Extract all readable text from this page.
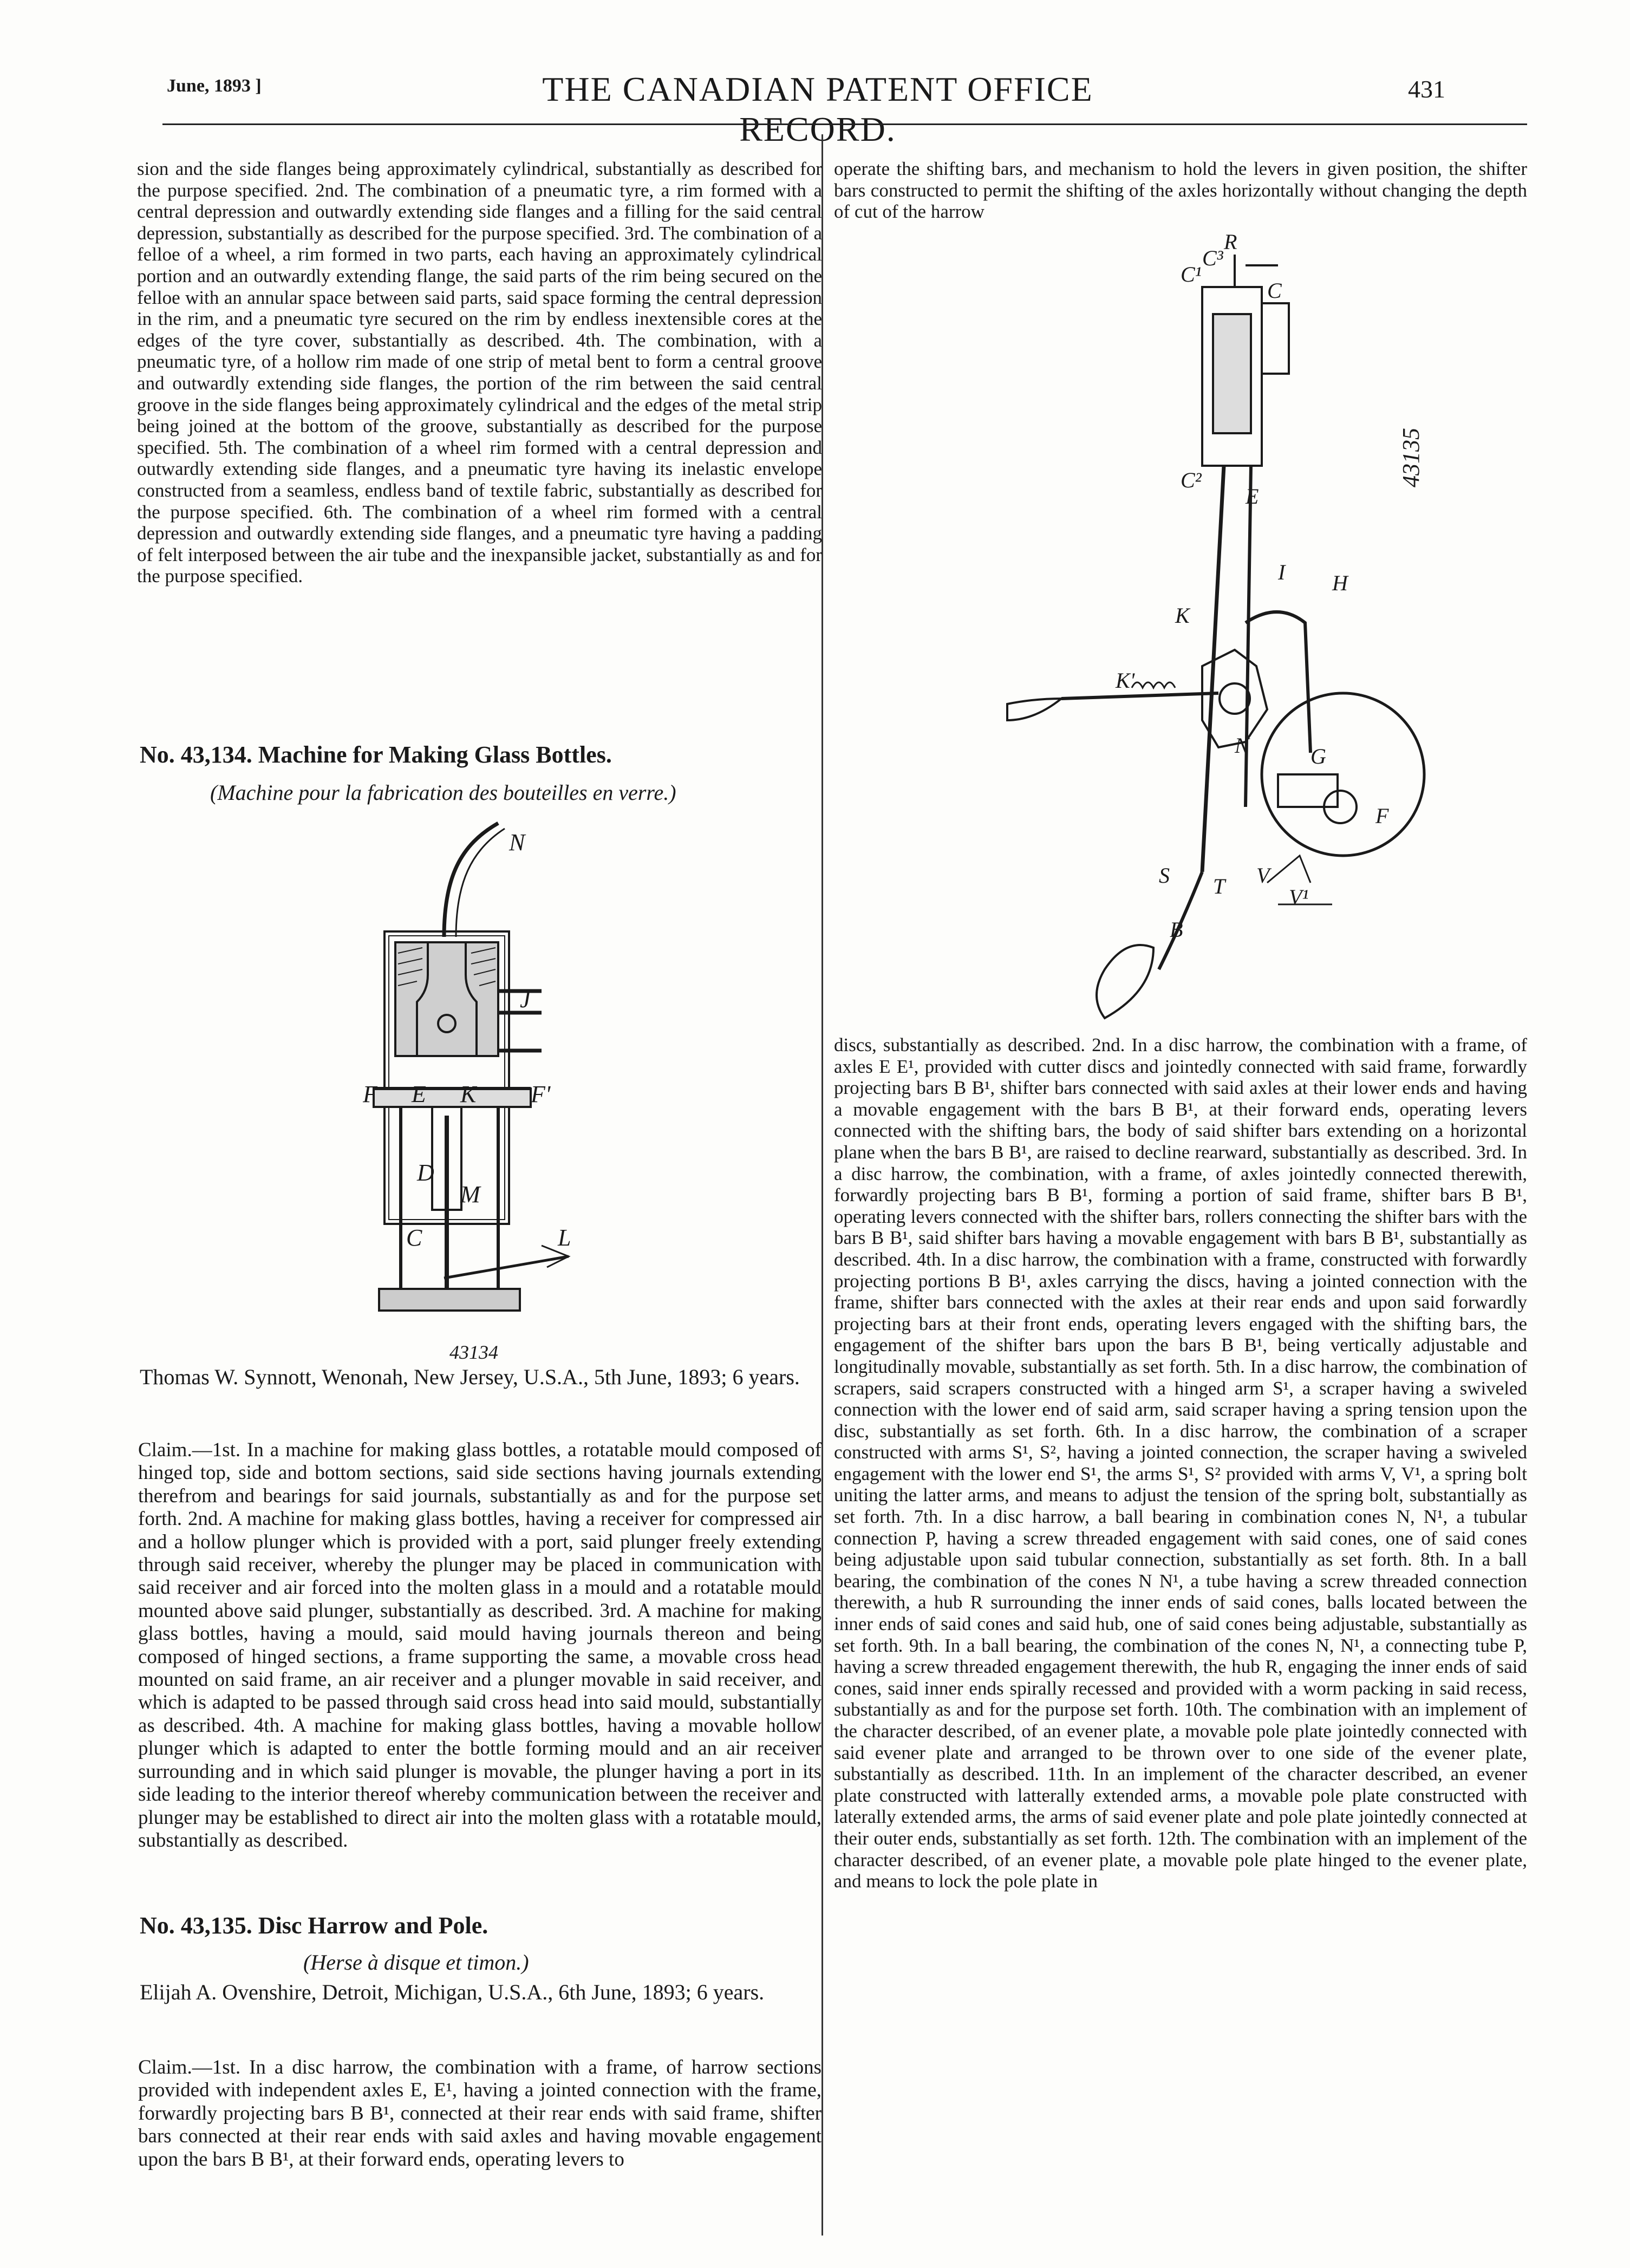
June, 1893 ]	THE CANADIAN PATENT OFFICE RECORD.
431

sion and the side flanges being approximately cylindrical, substantially as described for the purpose specified. 2nd. The combination of a pneumatic tyre, a rim formed with a central depression and outwardly extending side flanges and a filling for the said central depression, substantially as described for the purpose specified. 3rd. The combination of a felloe of a wheel, a rim formed in two parts, each having an approximately cylindrical portion and an outwardly extending flange, the said parts of the rim being secured on the felloe with an annular space between said parts, said space forming the central depression in the rim, and a pneumatic tyre secured on the rim by endless inextensible cores at the edges of the tyre cover, substantially as described. 4th. The combination, with a pneumatic tyre, of a hollow rim made of one strip of metal bent to form a central groove and outwardly extending side flanges, the portion of the rim between the said central groove in the side flanges being approximately cylindrical and the edges of the metal strip being joined at the bottom of the groove, substantially as described for the purpose specified. 5th. The combination of a wheel rim formed with a central depression and outwardly extending side flanges, and a pneumatic tyre having its inelastic envelope constructed from a seamless, endless band of textile fabric, substantially as described for the purpose specified. 6th. The combination of a wheel rim formed with a central depression and outwardly extending side flanges, and a pneumatic tyre having a padding of felt interposed between the air tube and the inexpansible jacket, substantially as and for the purpose specified.

No. 43,134. Machine for Making Glass Bottles.
(Machine pour la fabrication des bouteilles en verre.)
N
J
F E K F'
D
M
C	L
43134
Thomas W. Synnott, Wenonah, New Jersey, U.S.A., 5th June, 1893; 6 years.

Claim.—1st. In a machine for making glass bottles, a rotatable mould composed of hinged top, side and bottom sections, said side sections having journals extending therefrom and bearings for said journals, substantially as and for the purpose set forth. 2nd. A machine for making glass bottles, having a receiver for compressed air and a hollow plunger which is provided with a port, said plunger freely extending through said receiver, whereby the plunger may be placed in communication with said receiver and air forced into the molten glass in a mould and a rotatable mould mounted above said plunger, substantially as described. 3rd. A machine for making glass bottles, having a mould, said mould having journals thereon and being composed of hinged sections, a frame supporting the same, a movable cross head mounted on said frame, an air receiver and a plunger movable in said receiver, and which is adapted to be passed through said cross head into said mould, substantially as described. 4th. A machine for making glass bottles, having a movable hollow plunger which is adapted to enter the bottle forming mould and an air receiver surrounding and in which said plunger is movable, the plunger having a port in its side leading to the interior thereof whereby communication between the receiver and plunger may be established to direct air into the molten glass with a rotatable mould, substantially as described.

No. 43,135. Disc Harrow and Pole.
(Herse à disque et timon.)
Elijah A. Ovenshire, Detroit, Michigan, U.S.A., 6th June, 1893; 6 years.

Claim.—1st. In a disc harrow, the combination with a frame, of harrow sections provided with independent axles E, E¹, having a jointed connection with the frame, forwardly projecting bars B B¹, connected at their rear ends with said frame, shifter bars connected at their rear ends with said axles and having movable engagement upon the bars B B¹, at their forward ends, operating levers to

operate the shifting bars, and mechanism to hold the levers in given position, the shifter bars constructed to permit the shifting of the axles horizontally without changing the depth of cut of the harrow

R
C¹
C³
C
C²
E
K
K'
I H
N	G
S
F
T V
V¹
B
43135

discs, substantially as described. 2nd. In a disc harrow, the combination with a frame, of axles E E¹, provided with cutter discs and jointedly connected with said frame, forwardly projecting bars B B¹, shifter bars connected with said axles at their lower ends and having a movable engagement with the bars B B¹, at their forward ends, operating levers connected with the shifting bars, the body of said shifter bars extending on a horizontal plane when the bars B B¹, are raised to decline rearward, substantially as described. 3rd. In a disc harrow, the combination, with a frame, of axles jointedly connected therewith, forwardly projecting bars B B¹, forming a portion of said frame, shifter bars B B¹, operating levers connected with the shifter bars, rollers connecting the shifter bars with the bars B B¹, said shifter bars having a movable engagement with bars B B¹, substantially as described. 4th. In a disc harrow, the combination with a frame, constructed with forwardly projecting portions B B¹, axles carrying the discs, having a jointed connection with the frame, shifter bars connected with the axles at their rear ends and upon said forwardly projecting bars at their front ends, operating levers engaged with the shifting bars, the engagement of the shifter bars upon the bars B B¹, being vertically adjustable and longitudinally movable, substantially as set forth. 5th. In a disc harrow, the combination of scrapers, said scrapers constructed with a hinged arm S¹, a scraper having a swiveled connection with the lower end of said arm, said scraper having a spring tension upon the disc, substantially as set forth. 6th. In a disc harrow, the combination of a scraper constructed with arms S¹, S², having a jointed connection, the scraper having a swiveled engagement with the lower end S¹, the arms S¹, S² provided with arms V, V¹, a spring bolt uniting the latter arms, and means to adjust the tension of the spring bolt, substantially as set forth. 7th. In a disc harrow, a ball bearing in combination cones N, N¹, a tubular connection P, having a screw threaded engagement with said cones, one of said cones being adjustable upon said tubular connection, substantially as set forth. 8th. In a ball bearing, the combination of the cones N N¹, a tube having a screw threaded connection therewith, a hub R surrounding the inner ends of said cones, balls located between the inner ends of said cones and said hub, one of said cones being adjustable, substantially as set forth. 9th. In a ball bearing, the combination of the cones N, N¹, a connecting tube P, having a screw threaded engagement therewith, the hub R, engaging the inner ends of said cones, said inner ends spirally recessed and provided with a worm packing in said recess, substantially as and for the purpose set forth. 10th. The combination with an implement of the character described, of an evener plate, a movable pole plate jointedly connected with said evener plate and arranged to be thrown over to one side of the evener plate, substantially as described. 11th. In an implement of the character described, an evener plate constructed with latterally extended arms, a movable pole plate constructed with laterally extended arms, the arms of said evener plate and pole plate jointedly connected at their outer ends, substantially as set forth. 12th. The combination with an implement of the character described, of an evener plate, a movable pole plate hinged to the evener plate, and means to lock the pole plate in
